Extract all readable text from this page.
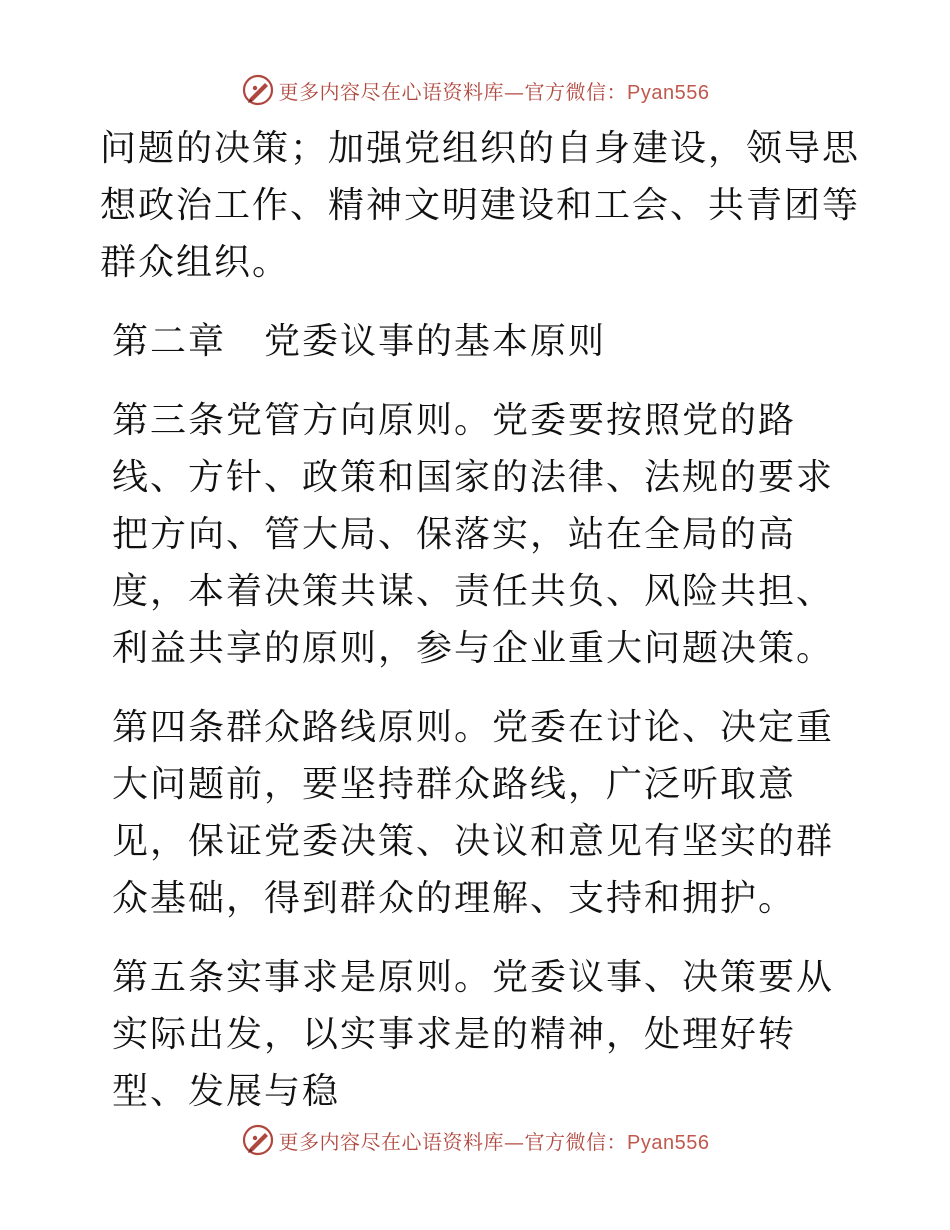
更多内容尽在心语资料库—官方微信：Pyan556

问题的决策；加强党组织的自身建设，领导思想政治工作、精神文明建设和工会、共青团等群众组织。

第二章　党委议事的基本原则

第三条党管方向原则。党委要按照党的路线、方针、政策和国家的法律、法规的要求把方向、管大局、保落实，站在全局的高度，本着决策共谋、责任共负、风险共担、利益共享的原则，参与企业重大问题决策。

第四条群众路线原则。党委在讨论、决定重大问题前，要坚持群众路线，广泛听取意见，保证党委决策、决议和意见有坚实的群众基础，得到群众的理解、支持和拥护。

第五条实事求是原则。党委议事、决策要从实际出发，以实事求是的精神，处理好转型、发展与稳

更多内容尽在心语资料库—官方微信：Pyan556
